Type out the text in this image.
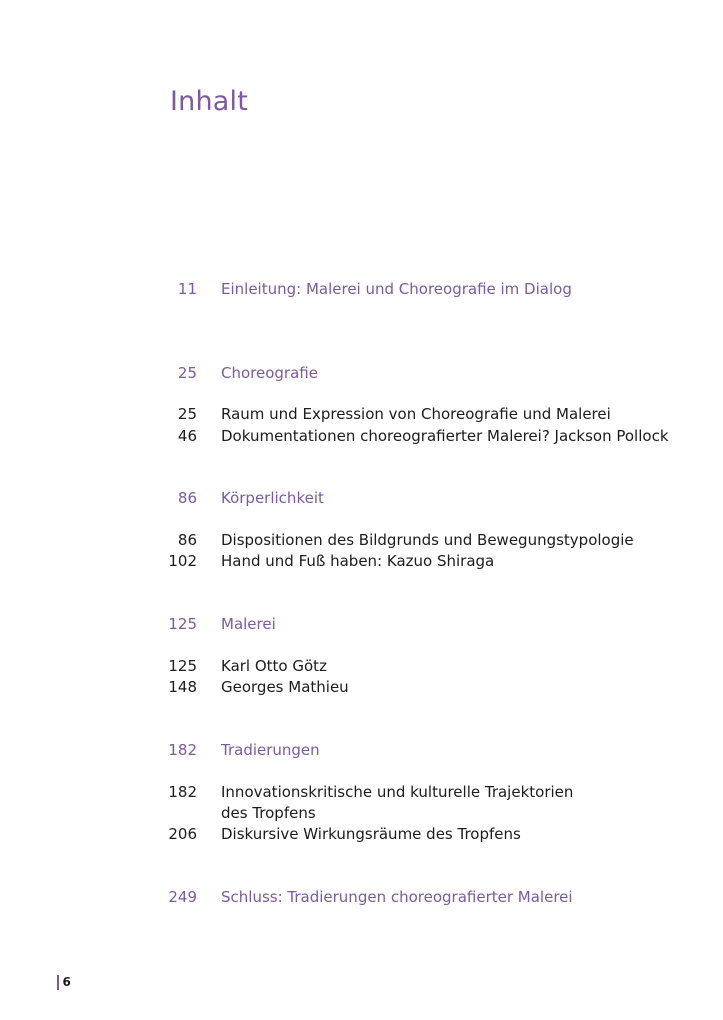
Inhalt
11 Einleitung: Malerei und Choreografie im Dialog
25 Choreografie
25 Raum und Expression von Choreografie und Malerei
46 Dokumentationen choreografierter Malerei? Jackson Pollock
86 Körperlichkeit
86 Dispositionen des Bildgrunds und Bewegungstypologie
102 Hand und Fuß haben: Kazuo Shiraga
125 Malerei
125 Karl Otto Götz
148 Georges Mathieu
182 Tradierungen
182 Innovationskritische und kulturelle Trajektorien
des Tropfens
206 Diskursive Wirkungsräume des Tropfens
249 Schluss: Tradierungen choreografierter Malerei
6
